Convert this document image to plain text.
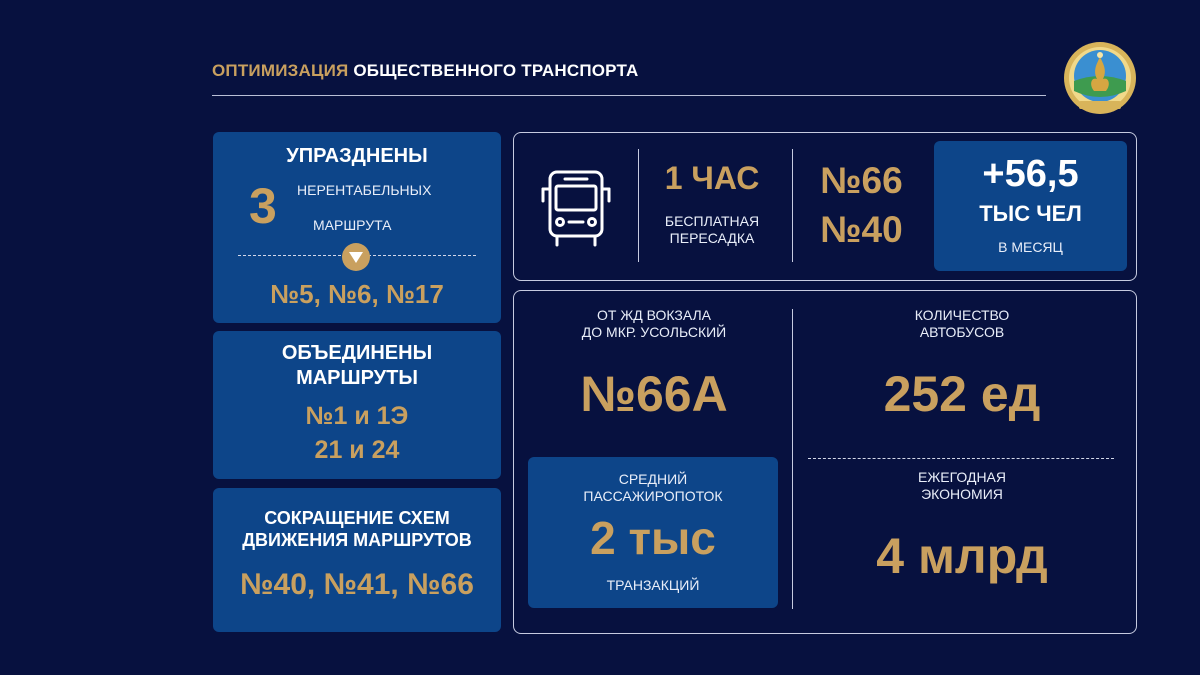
ОПТИМИЗАЦИЯ ОБЩЕСТВЕННОГО ТРАНСПОРТА
УПРАЗДНЕНЫ
3 НЕРЕНТАБЕЛЬНЫХ
МАРШРУТА
№5, №6, №17
ОБЪЕДИНЕНЫ
МАРШРУТЫ
№1 и 1Э
21 и 24
СОКРАЩЕНИЕ СХЕМ
ДВИЖЕНИЯ МАРШРУТОВ
№40, №41, №66
1 ЧАС
БЕСПЛАТНАЯ
ПЕРЕСАДКА
№66
№40
+56,5
ТЫС ЧЕЛ
В МЕСЯЦ
ОТ ЖД ВОКЗАЛА
ДО МКР. УСОЛЬСКИЙ
№66А
СРЕДНИЙ
ПАССАЖИРОПОТОК
2 тыс
ТРАНЗАКЦИЙ
КОЛИЧЕСТВО
АВТОБУСОВ
252 ед
ЕЖЕГОДНАЯ
ЭКОНОМИЯ
4 млрд
